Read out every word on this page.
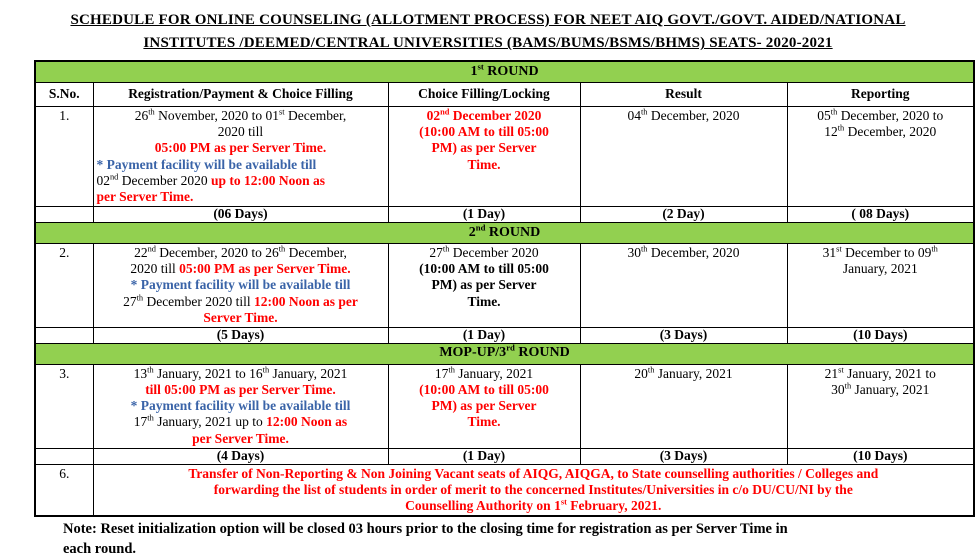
SCHEDULE FOR ONLINE COUNSELING (ALLOTMENT PROCESS) FOR NEET AIQ GOVT./GOVT. AIDED/NATIONAL
INSTITUTES /DEEMED/CENTRAL UNIVERSITIES (BAMS/BUMS/BSMS/BHMS) SEATS- 2020-2021
1st ROUND				
S.No.	Registration/Payment & Choice Filling	Choice Filling/Locking	Result	Reporting
1.	26th November, 2020 to 01st December,
2020 till
05:00 PM as per Server Time.
* Payment facility will be available till
02nd December 2020 up to 12:00 Noon as
per Server Time.
	02nd December 2020
(10:00 AM to till 05:00
PM) as per Server
Time.	04th December, 2020	05th December, 2020 to
12th December, 2020
	(06 Days)	(1 Day)	(2 Day)	( 08 Days)
2nd ROUND				
2.	22nd December, 2020 to 26th December,
2020 till 05:00 PM as per Server Time.
* Payment facility will be available till
27th December 2020 till 12:00 Noon as per
Server Time.	27th December 2020
(10:00 AM to till 05:00
PM) as per Server
Time.	30th December, 2020	31st December to 09th
January, 2021
	(5 Days)	(1 Day)	(3 Days)	(10 Days)
MOP-UP/3rd ROUND				
3.	13th January, 2021 to 16th January, 2021
till 05:00 PM as per Server Time.
* Payment facility will be available till
17th January, 2021 up to 12:00 Noon as
per Server Time.	17th January, 2021
(10:00 AM to till 05:00
PM) as per Server
Time.	20th January, 2021	21st January, 2021 to
30th January, 2021
	(4 Days)	(1 Day)	(3 Days)	(10 Days)
6.	Transfer of Non-Reporting & Non Joining Vacant seats of AIQG, AIQGA, to State counselling authorities / Colleges and
forwarding the list of students in order of merit to the concerned Institutes/Universities in c/o DU/CU/NI by the
Counselling Authority on 1st February, 2021.			
Note: Reset initialization option will be closed 03 hours prior to the closing time for registration as per Server Time in
each round.
